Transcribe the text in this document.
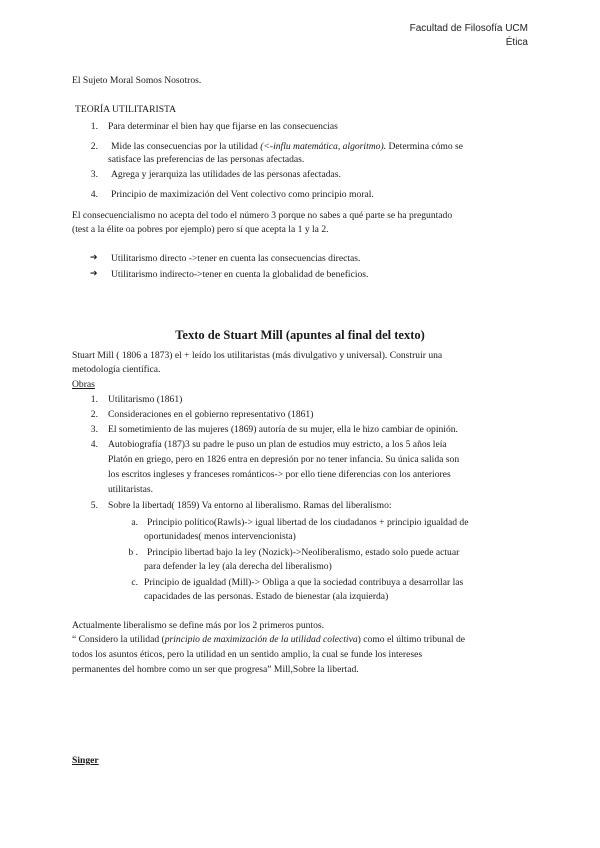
Facultad de Filosofía UCM
Ética
El Sujeto Moral Somos Nosotros.
TEORÍA UTILITARISTA
1. Para determinar el bien hay que fijarse en las consecuencias
2. Mide las consecuencias por la utilidad (<-influ matemática, algoritmo). Determina cómo se
satisface las preferencias de las personas afectadas.
3. Agrega y jerarquiza las utilidades de las personas afectadas.
4. Principio de maximización del Vent colectivo como principio moral.
El consecuencialismo no acepta del todo el número 3 porque no sabes a qué parte se ha preguntado
(test a la élite oa pobres por ejemplo) pero sí que acepta la 1 y la 2.
➔ Utilitarismo directo ->tener en cuenta las consecuencias directas.
➔ Utilitarismo indirecto->tener en cuenta la globalidad de beneficios.
Texto de Stuart Mill (apuntes al final del texto)
Stuart Mill ( 1806 a 1873) el + leído los utilitaristas (más divulgativo y universal). Construir una
metodología científica.
Obras
1. Utilitarismo (1861)
2. Consideraciones en el gobierno representativo (1861)
3. El sometimiento de las mujeres (1869) autoría de su mujer, ella le hizo cambiar de opinión.
4. Autobiografía (187)3 su padre le puso un plan de estudios muy estricto, a los 5 años leía
Platón en griego, pero en 1826 entra en depresión por no tener infancia. Su única salida son
los escritos ingleses y franceses románticos-> por ello tiene diferencias con los anteriores
utilitaristas.
5. Sobre la libertad( 1859) Va entorno al liberalismo. Ramas del liberalismo:
a. Principio político(Rawls)-> igual libertad de los ciudadanos + principio igualdad de
oportunidades( menos intervencionista)
b . Principio libertad bajo la ley (Nozick)->Neoliberalismo, estado solo puede actuar
para defender la ley (ala derecha del liberalismo)
c. Principio de igualdad (Mill)-> Obliga a que la sociedad contribuya a desarrollar las
capacidades de las personas. Estado de bienestar (ala izquierda)
Actualmente liberalismo se define más por los 2 primeros puntos.
“ Considero la utilidad (principio de maximización de la utilidad colectiva) como el último tribunal de
todos los asuntos éticos, pero la utilidad en un sentido amplio, la cual se funde los intereses
permanentes del hombre como un ser que progresa” Mill,Sobre la libertad.
Singer
